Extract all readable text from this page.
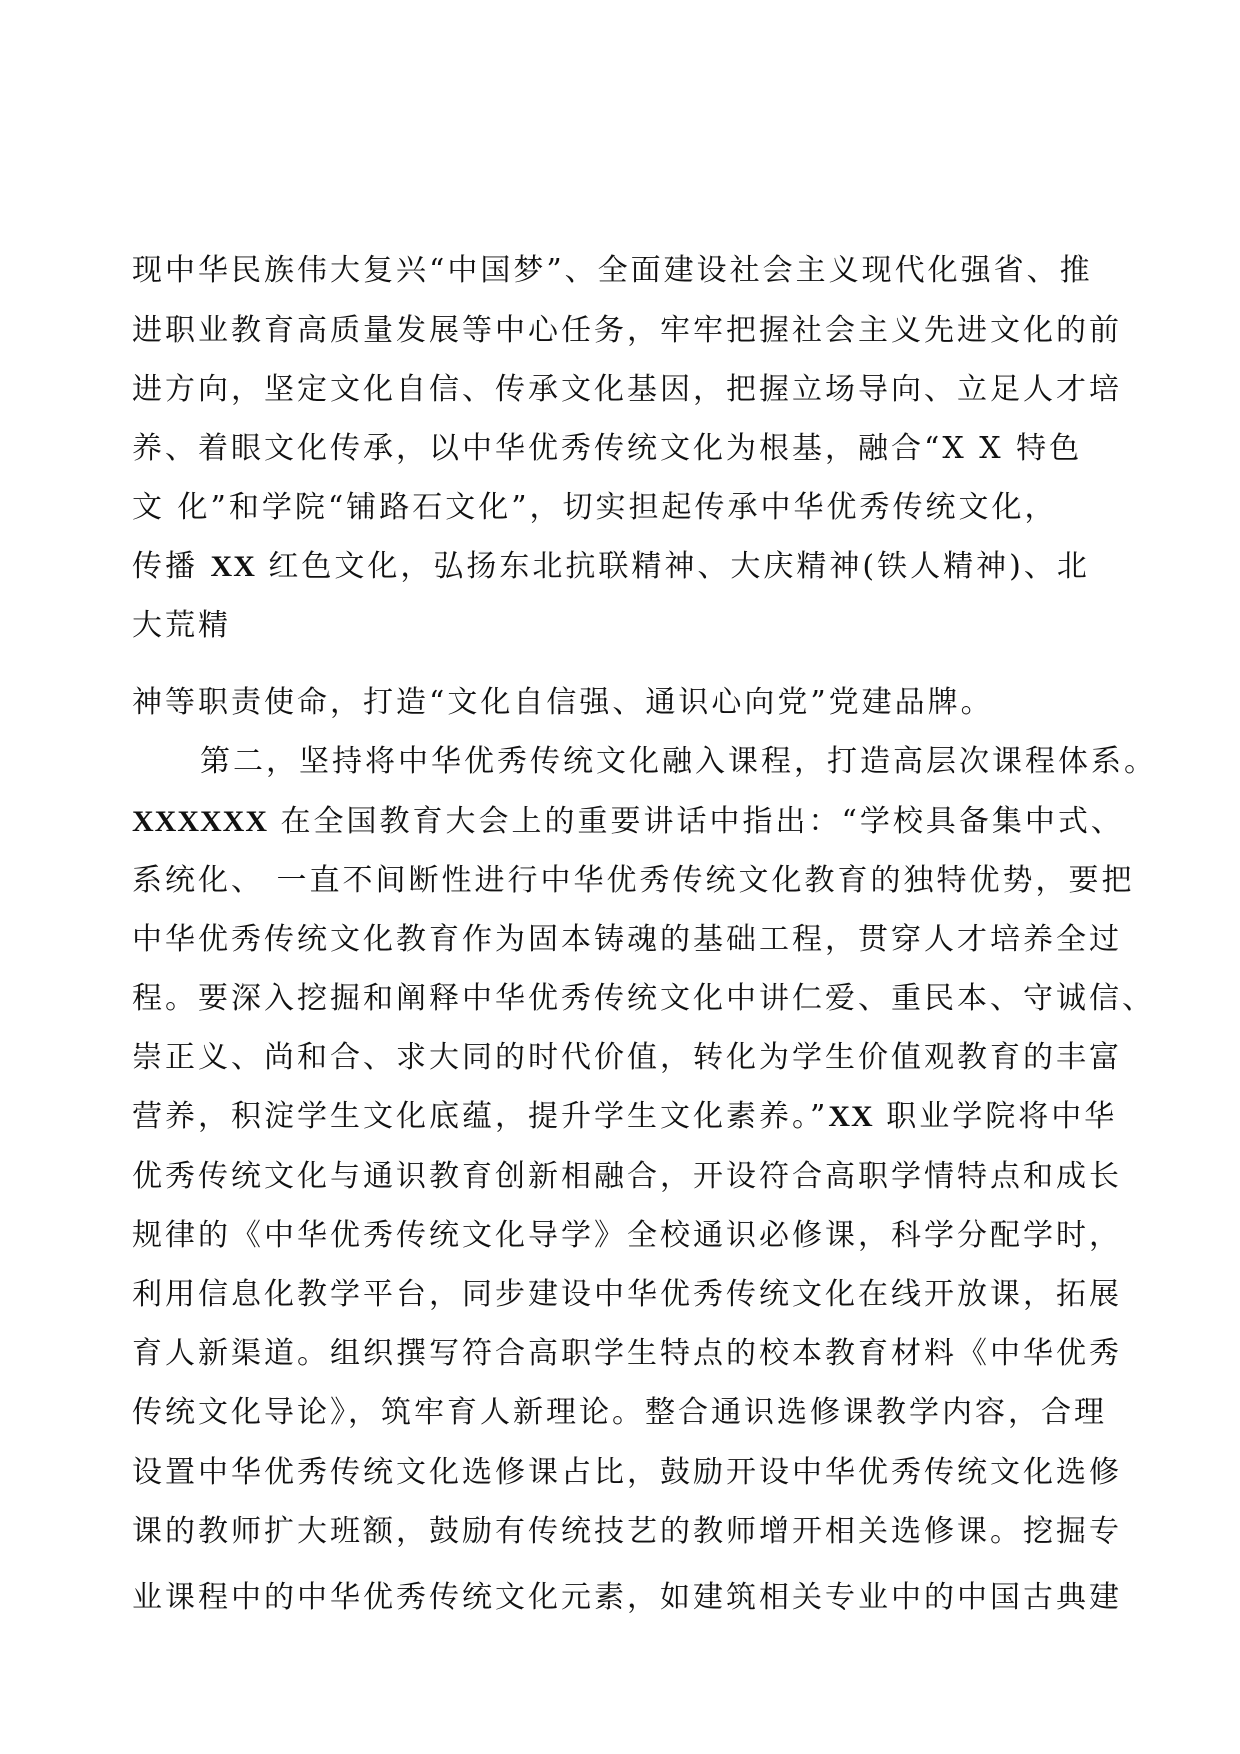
现中华民族伟大复兴“中国梦”、全面建设社会主义现代化强省、推
进职业教育高质量发展等中心任务，牢牢把握社会主义先进文化的前
进方向，坚定文化自信、传承文化基因，把握立场导向、立足人才培
养、着眼文化传承，以中华优秀传统文化为根基，融合“X X 特色
文 化”和学院“铺路石文化”，切实担起传承中华优秀传统文化，
传播 XX 红色文化，弘扬东北抗联精神、大庆精神(铁人精神)、北
大荒精
神等职责使命，打造“文化自信强、通识心向党”党建品牌。
第二，坚持将中华优秀传统文化融入课程，打造高层次课程体系。
XXXXXX 在全国教育大会上的重要讲话中指出：“学校具备集中式、
系统化、 一直不间断性进行中华优秀传统文化教育的独特优势，要把
中华优秀传统文化教育作为固本铸魂的基础工程，贯穿人才培养全过
程。要深入挖掘和阐释中华优秀传统文化中讲仁爱、重民本、守诚信、
崇正义、尚和合、求大同的时代价值，转化为学生价值观教育的丰富
营养，积淀学生文化底蕴，提升学生文化素养。”XX 职业学院将中华
优秀传统文化与通识教育创新相融合，开设符合高职学情特点和成长
规律的《中华优秀传统文化导学》全校通识必修课，科学分配学时，
利用信息化教学平台，同步建设中华优秀传统文化在线开放课，拓展
育人新渠道。组织撰写符合高职学生特点的校本教育材料《中华优秀
传统文化导论》，筑牢育人新理论。整合通识选修课教学内容，合理
设置中华优秀传统文化选修课占比，鼓励开设中华优秀传统文化选修
课的教师扩大班额，鼓励有传统技艺的教师增开相关选修课。挖掘专
业课程中的中华优秀传统文化元素，如建筑相关专业中的中国古典建
